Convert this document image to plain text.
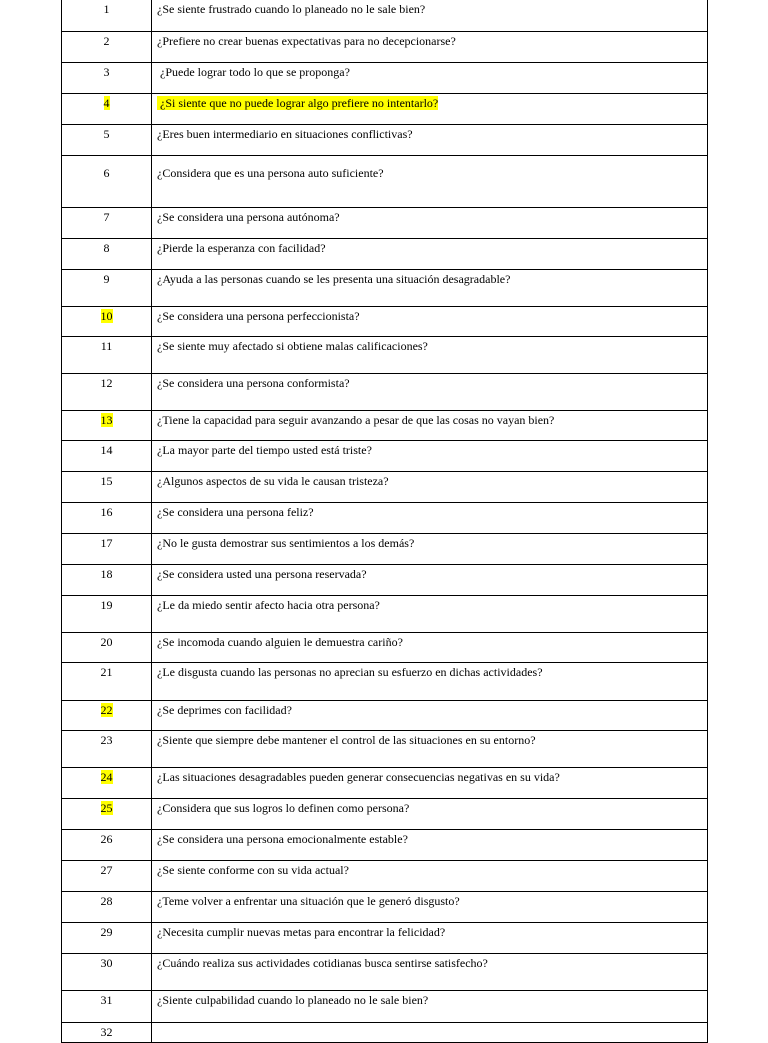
1	¿Se siente frustrado cuando lo planeado no le sale bien?
2	¿Prefiere no crear buenas expectativas para no decepcionarse?
3	¿Puede lograr todo lo que se proponga?
4	¿Si siente que no puede lograr algo prefiere no intentarlo?
5	¿Eres buen intermediario en situaciones conflictivas?
6	¿Considera que es una persona auto suficiente?
7	¿Se considera una persona autónoma?
8	¿Pierde la esperanza con facilidad?
9	¿Ayuda a las personas cuando se les presenta una situación desagradable?
10	¿Se considera una persona perfeccionista?
11	¿Se siente muy afectado si obtiene malas calificaciones?
12	¿Se considera una persona conformista?
13	¿Tiene la capacidad para seguir avanzando a pesar de que las cosas no vayan bien?
14	¿La mayor parte del tiempo usted está triste?
15	¿Algunos aspectos de su vida le causan tristeza?
16	¿Se considera una persona feliz?
17	¿No le gusta demostrar sus sentimientos a los demás?
18	¿Se considera usted una persona reservada?
19	¿Le da miedo sentir afecto hacia otra persona?
20	¿Se incomoda cuando alguien le demuestra cariño?
21	¿Le disgusta cuando las personas no aprecian su esfuerzo en dichas actividades?
22	¿Se deprimes con facilidad?
23	¿Siente que siempre debe mantener el control de las situaciones en su entorno?
24	¿Las situaciones desagradables pueden generar consecuencias negativas en su vida?
25	¿Considera que sus logros lo definen como persona?
26	¿Se considera una persona emocionalmente estable?
27	¿Se siente conforme con su vida actual?
28	¿Teme volver a enfrentar una situación que le generó disgusto?
29	¿Necesita cumplir nuevas metas para encontrar la felicidad?
30	¿Cuándo realiza sus actividades cotidianas busca sentirse satisfecho?
31	¿Siente culpabilidad cuando lo planeado no le sale bien?
32	
